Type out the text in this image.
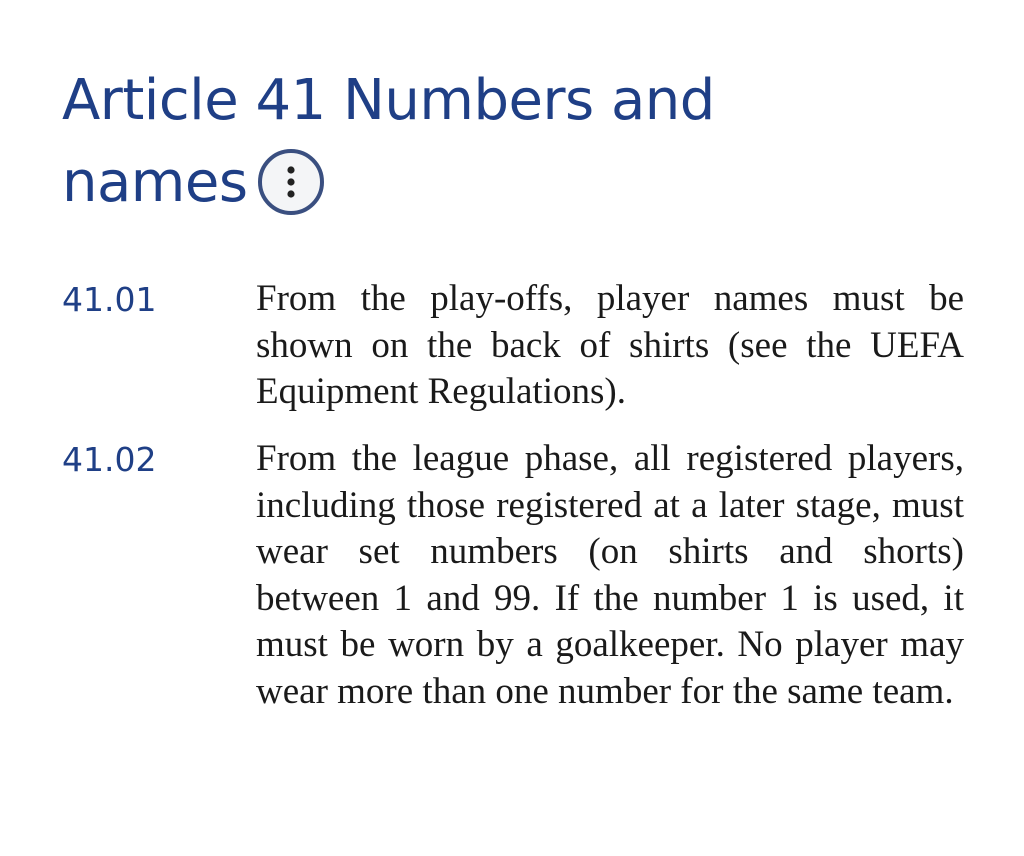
Article 41 Numbers and names
41.01	From the play-offs, player names must be shown on the back of shirts (see the UEFA Equipment Regulations).

41.02	From the league phase, all registered players, including those registered at a later stage, must wear set numbers (on shirts and shorts) between 1 and 99. If the number 1 is used, it must be worn by a goalkeeper. No player may wear more than one number for the same team.
